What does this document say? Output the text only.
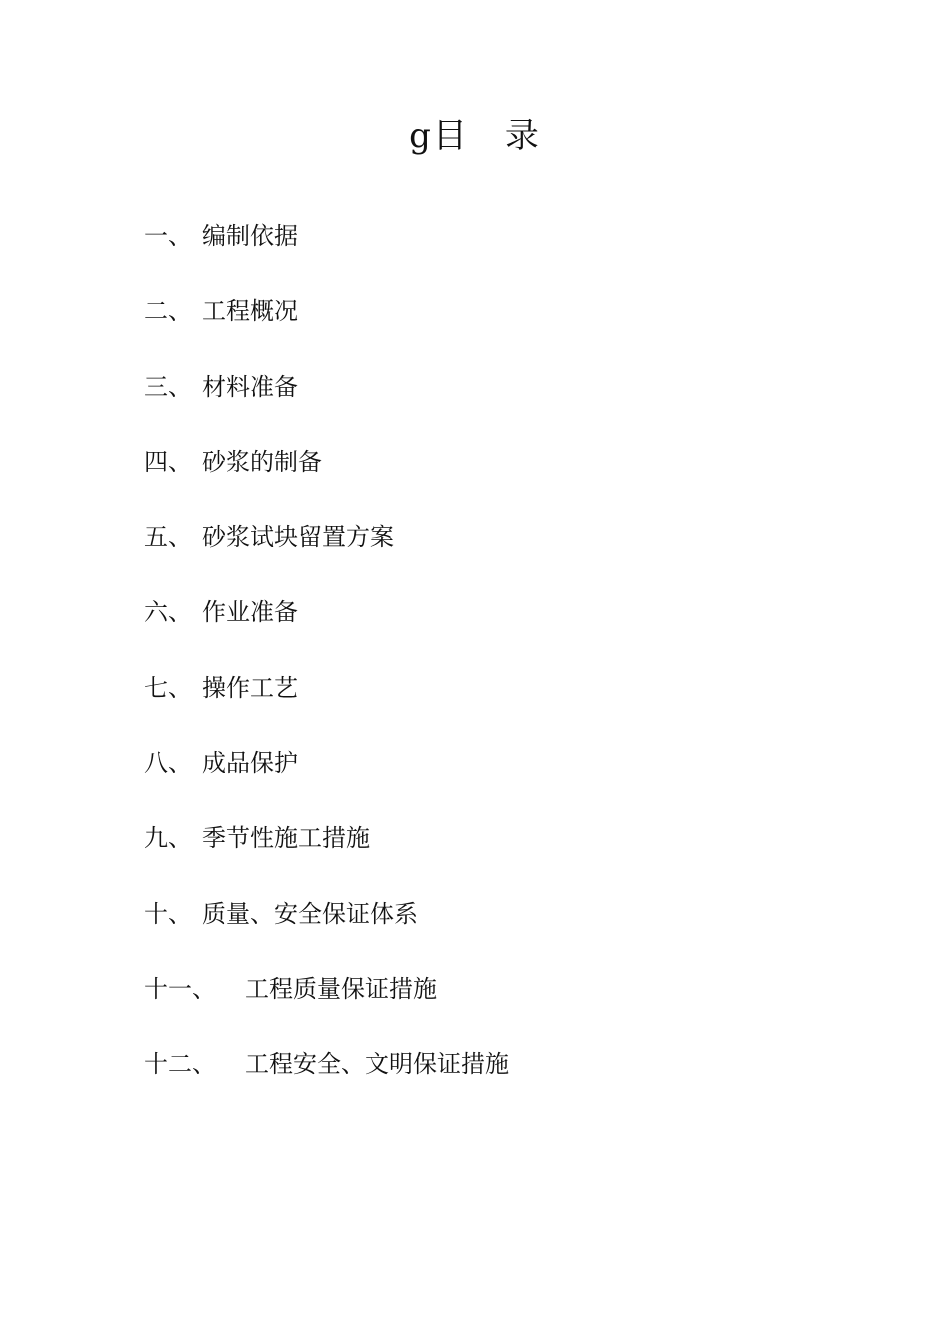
g目　录
一、 编制依据
二、 工程概况
三、 材料准备
四、 砂浆的制备
五、 砂浆试块留置方案
六、 作业准备
七、 操作工艺
八、 成品保护
九、 季节性施工措施
十、 质量、安全保证体系
十一、	工程质量保证措施
十二、	工程安全、文明保证措施
